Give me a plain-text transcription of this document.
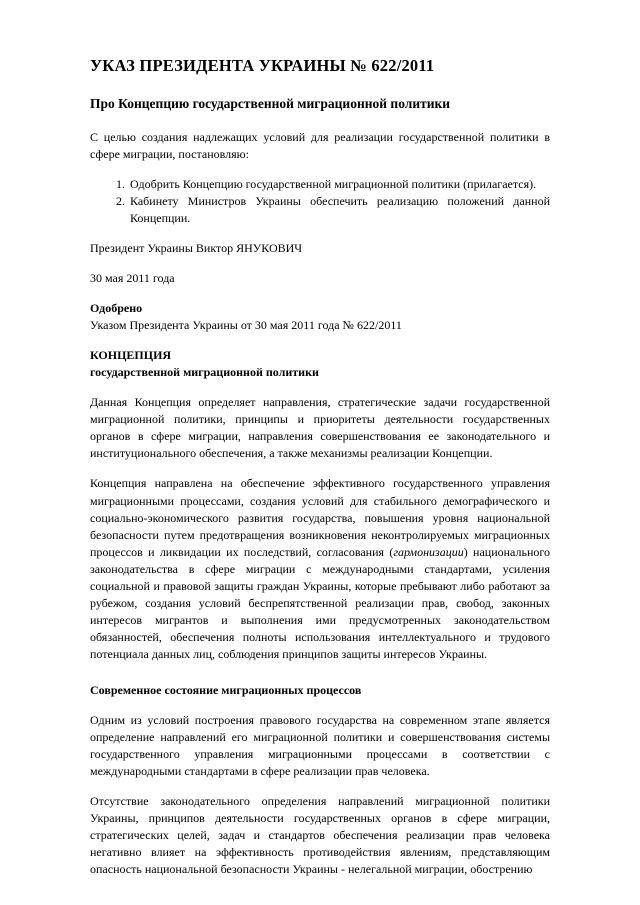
УКАЗ ПРЕЗИДЕНТА УКРАИНЫ № 622/2011
Про Концепцию государственной миграционной политики

С целью создания надлежащих условий для реализации государственной политики в сфере миграции, постановляю:

1. Одобрить Концепцию государственной миграционной политики (прилагается).
2. Кабинету Министров Украины обеспечить реализацию положений данной Концепции.

Президент Украины Виктор ЯНУКОВИЧ

30 мая 2011 года

Одобрено
Указом Президента Украины от 30 мая 2011 года № 622/2011

КОНЦЕПЦИЯ
государственной миграционной политики

Данная Концепция определяет направления, стратегические задачи государственной миграционной политики, принципы и приоритеты деятельности государственных органов в сфере миграции, направления совершенствования ее законодательного и институционального обеспечения, а также механизмы реализации Концепции.

Концепция направлена на обеспечение эффективного государственного управления миграционными процессами, создания условий для стабильного демографического и социально-экономического развития государства, повышения уровня национальной безопасности путем предотвращения возникновения неконтролируемых миграционных процессов и ликвидации их последствий, согласования (гармонизации) национального законодательства в сфере миграции с международными стандартами, усиления социальной и правовой защиты граждан Украины, которые пребывают либо работают за рубежом, создания условий беспрепятственной реализации прав, свобод, законных интересов мигрантов и выполнения ими предусмотренных законодательством обязанностей, обеспечения полноты использования интеллектуального и трудового потенциала данных лиц, соблюдения принципов защиты интересов Украины.

Современное состояние миграционных процессов

Одним из условий построения правового государства на современном этапе является определение направлений его миграционной политики и совершенствования системы государственного управления миграционными процессами в соответствии с международными стандартами в сфере реализации прав человека.

Отсутствие законодательного определения направлений миграционной политики Украины, принципов деятельности государственных органов в сфере миграции, стратегических целей, задач и стандартов обеспечения реализации прав человека негативно влияет на эффективность противодействия явлениям, представляющим опасность национальной безопасности Украины - нелегальной миграции, обострению
